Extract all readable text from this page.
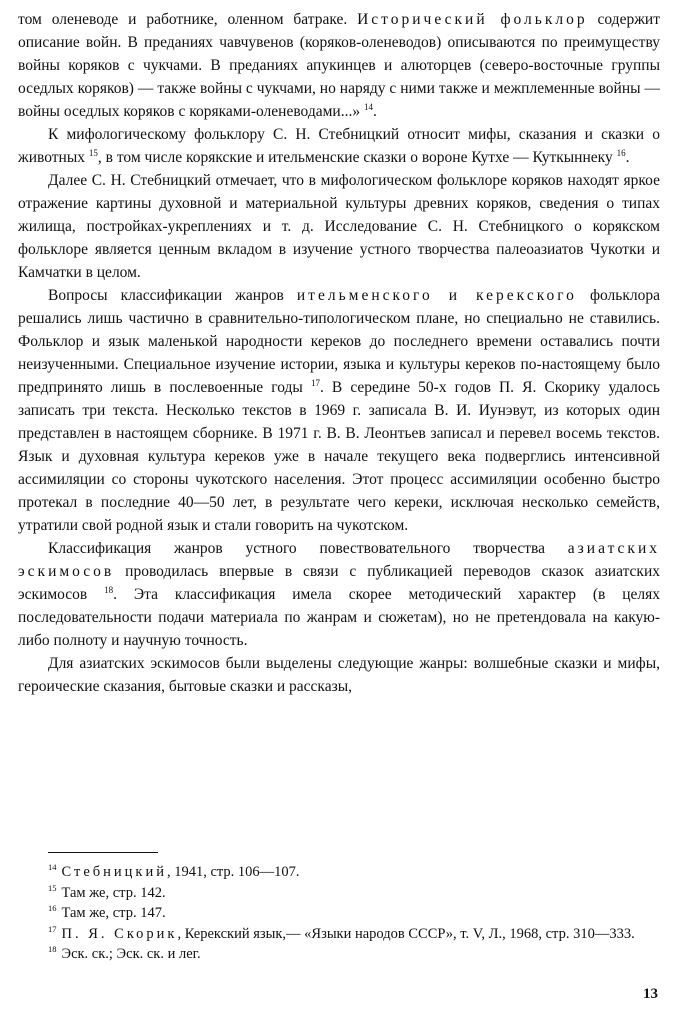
том оленеводе и работнике, оленном батраке. Исторический фольклор содержит описание войн. В преданиях чавчувенов (коряков-оленеводов) описываются по преимуществу войны коряков с чукчами. В преданиях апукинцев и алюторцев (северо-восточные группы оседлых коряков) — также войны с чукчами, но наряду с ними также и межплеменные войны — войны оседлых коряков с коряками-оленеводами...» $^{14}$.

К мифологическому фольклору С. Н. Стебницкий относит мифы, сказания и сказки о животных $^{15}$, в том числе корякские и ительменские сказки о вороне Кутхе — Куткыннеку $^{16}$.

Далее С. Н. Стебницкий отмечает, что в мифологическом фольклоре коряков находят яркое отражение картины духовной и материальной культуры древних коряков, сведения о типах жилища, постройках-укреплениях и т. д. Исследование С. Н. Стебницкого о корякском фольклоре является ценным вкладом в изучение устного творчества палеоазиатов Чукотки и Камчатки в целом.

Вопросы классификации жанров ительменского и керекского фольклора решались лишь частично в сравнительно-типологическом плане, но специально не ставились. Фольклор и язык маленькой народности кереков до последнего времени оставались почти неизученными. Специальное изучение истории, языка и культуры кереков по-настоящему было предпринято лишь в послевоенные годы $^{17}$. В середине 50-х годов П. Я. Скорику удалось записать три текста. Несколько текстов в 1969 г. записала В. И. Иунэвут, из которых один представлен в настоящем сборнике. В 1971 г. В. В. Леонтьев записал и перевел восемь текстов. Язык и духовная культура кереков уже в начале текущего века подверглись интенсивной ассимиляции со стороны чукотского населения. Этот процесс ассимиляции особенно быстро протекал в последние 40—50 лет, в результате чего кереки, исключая несколько семейств, утратили свой родной язык и стали говорить на чукотском.

Классификация жанров устного повествовательного творчества азиатских эскимосов проводилась впервые в связи с публикацией переводов сказок азиатских эскимосов $^{18}$. Эта классификация имела скорее методический характер (в целях последовательности подачи материала по жанрам и сюжетам), но не претендовала на какую-либо полноту и научную точность.

Для азиатских эскимосов были выделены следующие жанры: волшебные сказки и мифы, героические сказания, бытовые сказки и рассказы,

$^{14}$ Стебницкий, 1941, стр. 106—107.

$^{15}$ Там же, стр. 142.

$^{16}$ Там же, стр. 147.

$^{17}$ П. Я. Скорик, Керекский язык,— «Языки народов СССР», т. V, Л., 1968, стр. 310—333.

$^{18}$ Эск. ск.; Эск. ск. и лег.

13
